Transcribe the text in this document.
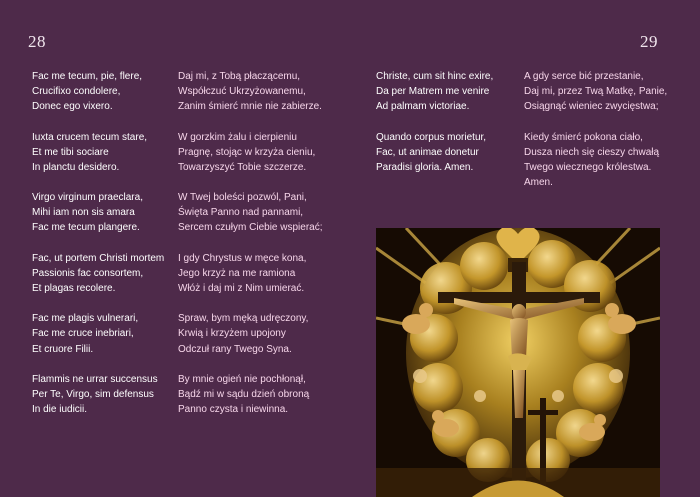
28	29
Fac me tecum, pie, flere,
Crucifixo condolere,
Donec ego vixero.
Iuxta crucem tecum stare,
Et me tibi sociare
In planctu desidero.
Virgo virginum praeclara,
Mihi iam non sis amara
Fac me tecum plangere.
Fac, ut portem Christi mortem
Passionis fac consortem,
Et plagas recolere.
Fac me plagis vulnerari,
Fac me cruce inebriari,
Et cruore Filii.
Flammis ne urrar succensus
Per Te, Virgo, sim defensus
In die iudicii.
Daj mi, z Tobą płaczącemu,
Współczuć Ukrzyżowanemu,
Zanim śmierć mnie nie zabierze.
W gorzkim żalu i cierpieniu
Pragnę, stojąc w krzyża cieniu,
Towarzyszyć Tobie szczerze.
W Twej boleści pozwól, Pani,
Święta Panno nad pannami,
Sercem czułym Ciebie wspierać;
I gdy Chrystus w męce kona,
Jego krzyż na me ramiona
Włóż i daj mi z Nim umierać.
Spraw, bym męką udręczony,
Krwią i krzyżem upojony
Odczuł rany Twego Syna.
By mnie ogień nie pochłonął,
Bądź mi w sądu dzień obroną
Panno czysta i niewinna.
Christe, cum sit hinc exire,
Da per Matrem me venire
Ad palmam victoriae.
Quando corpus morietur,
Fac, ut animae donetur
Paradisi gloria. Amen.
A gdy serce bić przestanie,
Daj mi, przez Twą Matkę, Panie,
Osiągnąć wieniec zwycięstwa;
Kiedy śmierć pokona ciało,
Dusza niech się cieszy chwałą
Twego wiecznego królestwa.
Amen.
